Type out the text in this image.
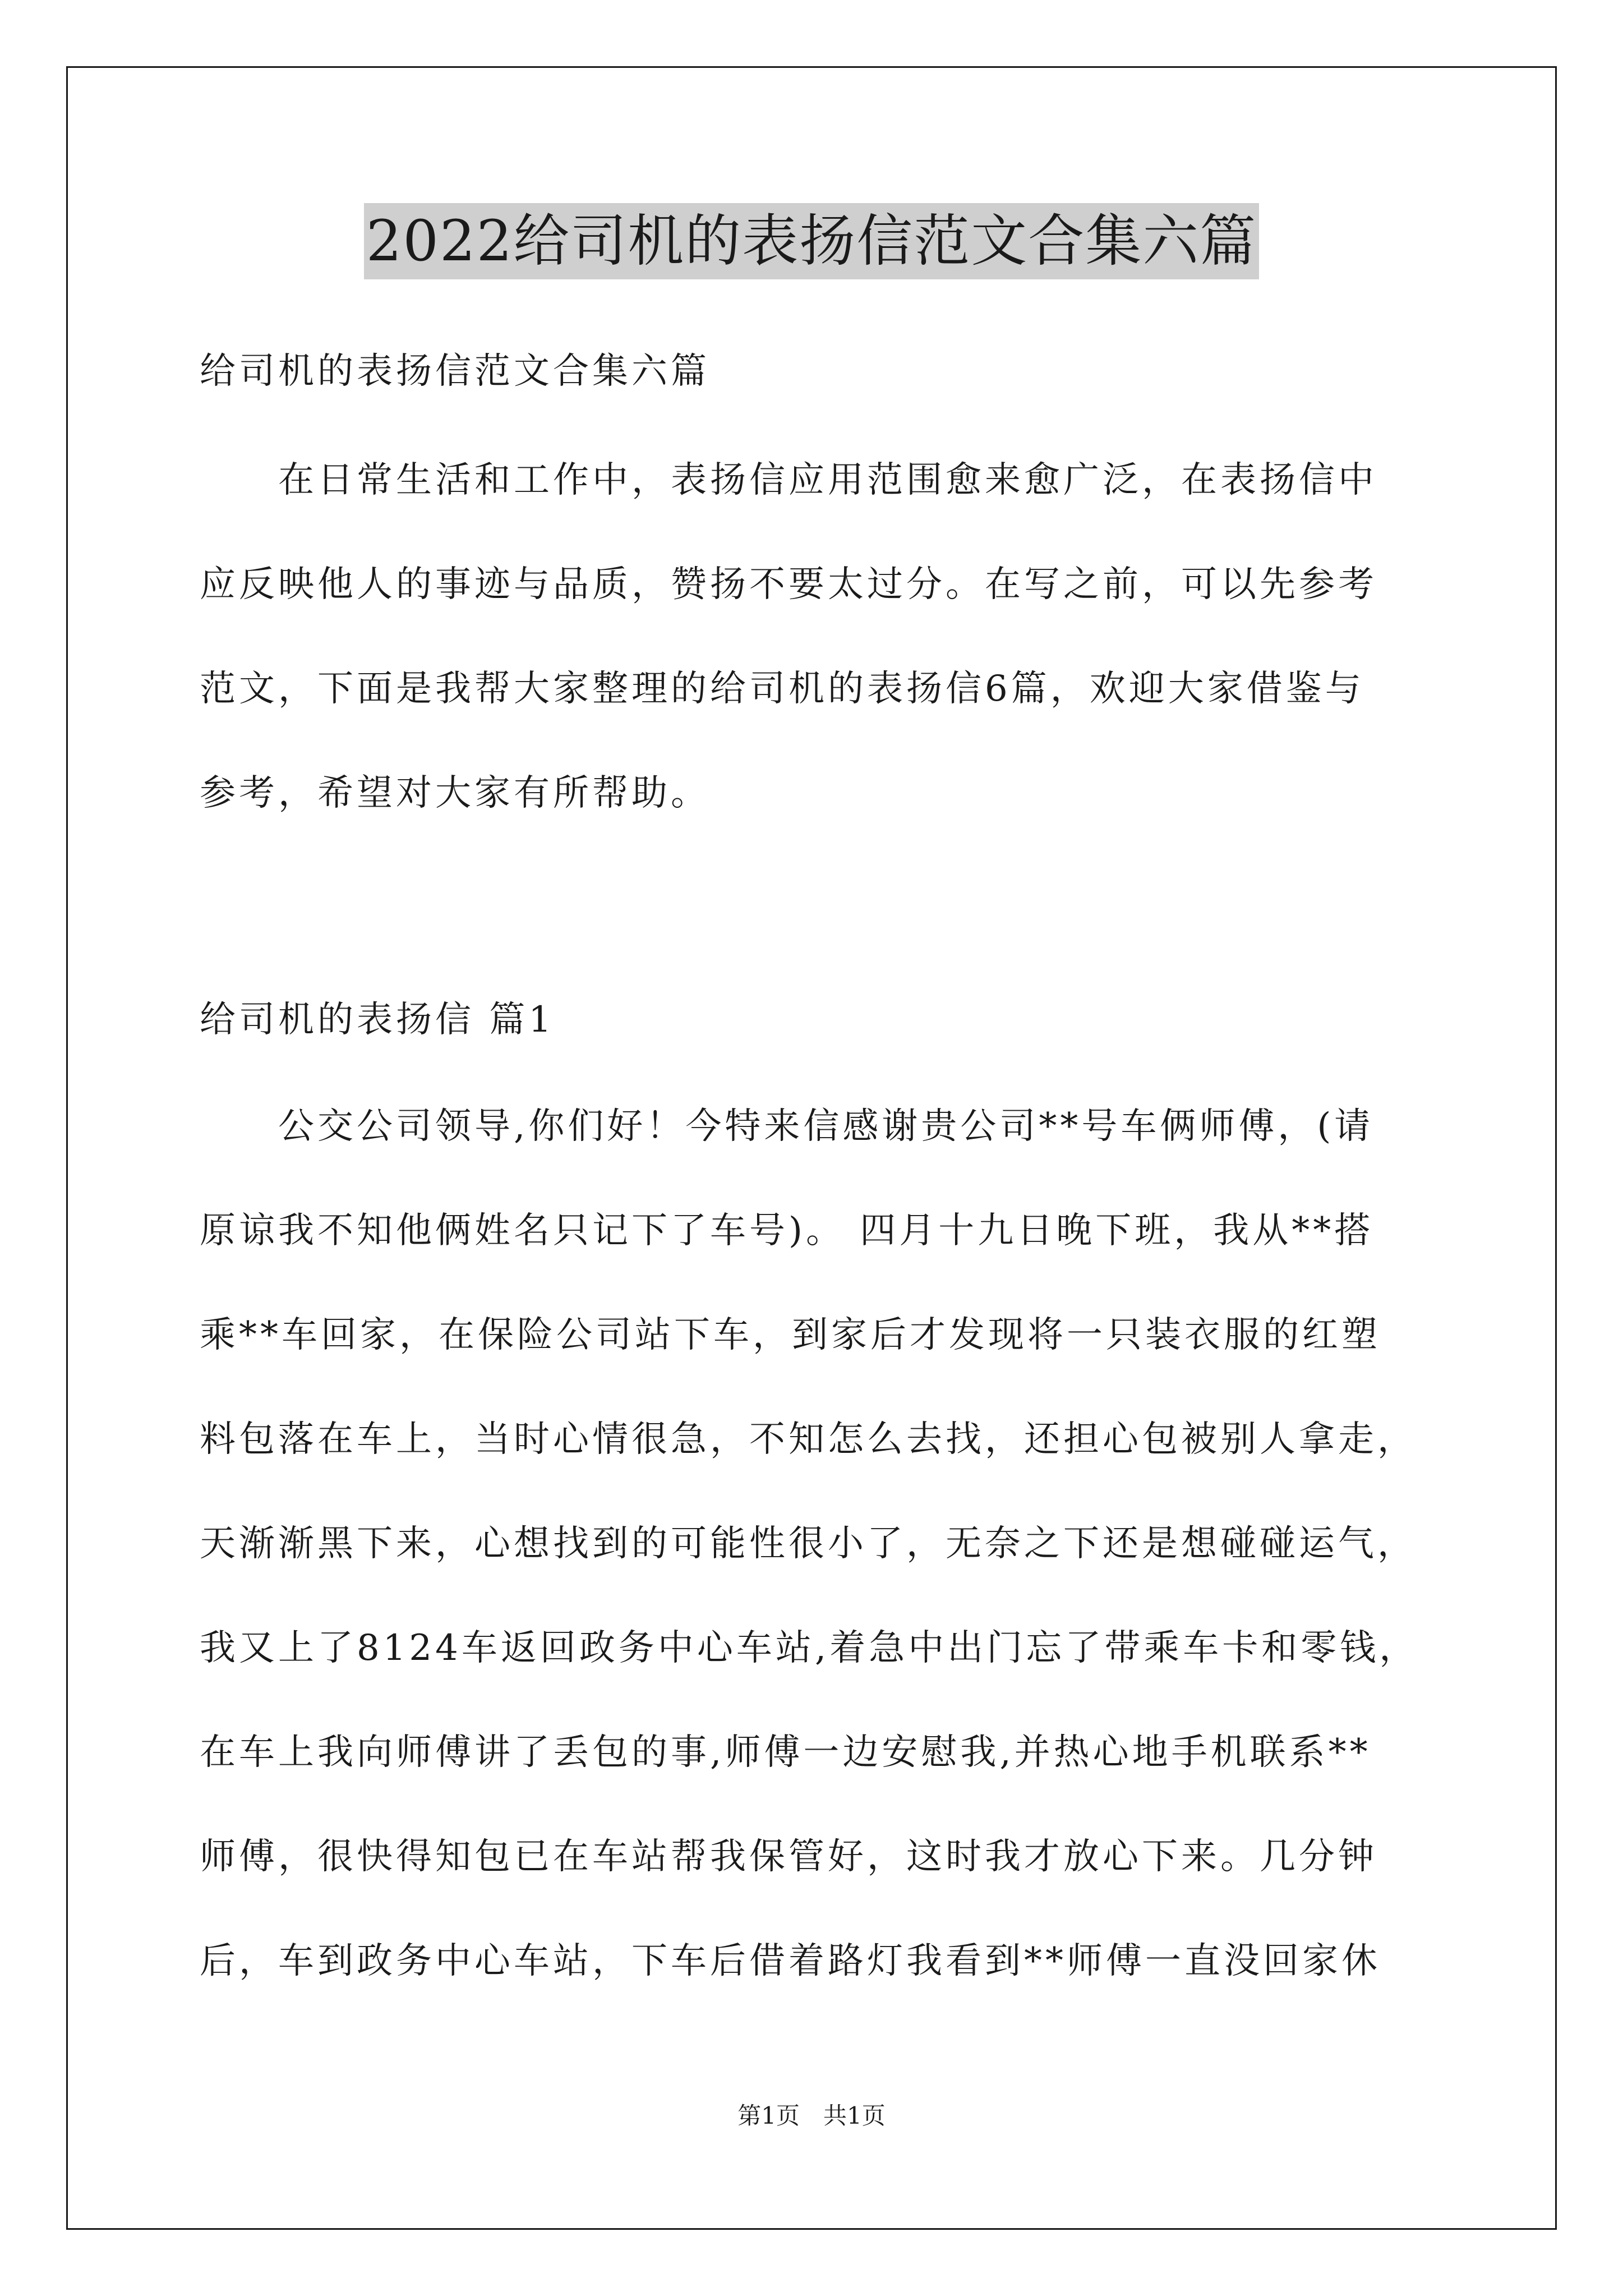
2022给司机的表扬信范文合集六篇
给司机的表扬信范文合集六篇
　　在日常生活和工作中，表扬信应用范围愈来愈广泛，在表扬信中
应反映他人的事迹与品质，赞扬不要太过分。在写之前，可以先参考
范文，下面是我帮大家整理的给司机的表扬信6篇，欢迎大家借鉴与
参考，希望对大家有所帮助。
给司机的表扬信 篇1
　　公交公司领导,你们好！今特来信感谢贵公司**号车俩师傅，(请
原谅我不知他俩姓名只记下了车号)。 四月十九日晚下班，我从**搭
乘**车回家，在保险公司站下车，到家后才发现将一只装衣服的红塑
料包落在车上，当时心情很急，不知怎么去找，还担心包被别人拿走，
天渐渐黑下来，心想找到的可能性很小了，无奈之下还是想碰碰运气，
我又上了8124车返回政务中心车站,着急中出门忘了带乘车卡和零钱，
在车上我向师傅讲了丢包的事,师傅一边安慰我,并热心地手机联系**
师傅，很快得知包已在车站帮我保管好，这时我才放心下来。几分钟
后，车到政务中心车站，下车后借着路灯我看到**师傅一直没回家休
第1页　共1页
